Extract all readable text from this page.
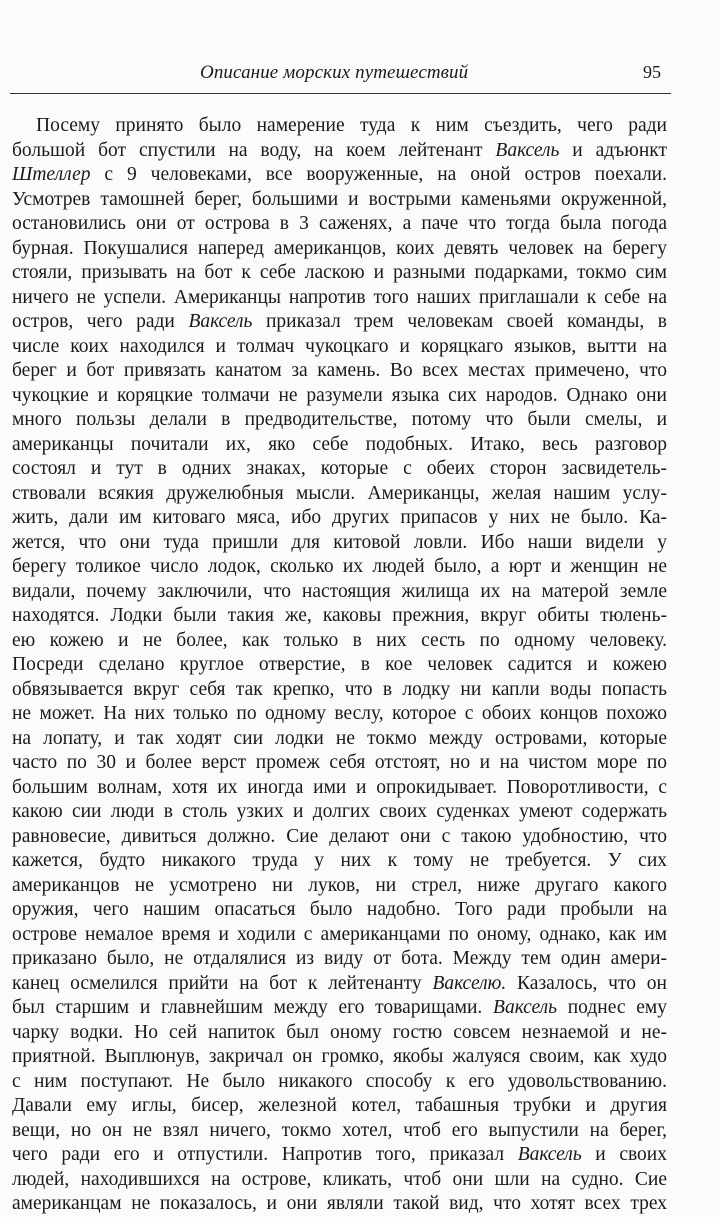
Описание морских путешествий	95
Посему принято было намерение туда к ним съездить, чего ради
большой бот спустили на воду, на коем лейтенант Ваксель и адъюнкт
Штеллер с 9 человеками, все вооруженные, на оной остров поехали.
Усмотрев тамошней берег, большими и вострыми каменьями окруженной,
остановились они от острова в 3 саженях, а паче что тогда была погода
бурная. Покушалися наперед американцов, коих девять человек на берегу
стояли, призывать на бот к себе ласкою и разными подарками, токмо сим
ничего не успели. Американцы напротив того наших приглашали к себе на
остров, чего ради Ваксель приказал трем человекам своей команды, в
числе коих находился и толмач чукоцкаго и коряцкаго языков, вытти на
берег и бот привязать канатом за камень. Во всех местах примечено, что
чукоцкие и коряцкие толмачи не разумели языка сих народов. Однако они
много пользы делали в предводительстве, потому что были смелы, и
американцы почитали их, яко себе подобных. Итако, весь разговор
состоял и тут в одних знаках, которые с обеих сторон засвидетель-
ствовали всякия дружелюбныя мысли. Американцы, желая нашим услу-
жить, дали им китоваго мяса, ибо других припасов у них не было. Ка-
жется, что они туда пришли для китовой ловли. Ибо наши видели у
берегу толикое число лодок, сколько их людей было, а юрт и женщин не
видали, почему заключили, что настоящия жилища их на матерой земле
находятся. Лодки были такия же, каковы прежния, вкруг обиты тюлень-
ею кожею и не более, как только в них сесть по одному человеку.
Посреди сделано круглое отверстие, в кое человек садится и кожею
обвязывается вкруг себя так крепко, что в лодку ни капли воды попасть
не может. На них только по одному веслу, которое с обоих концов похожо
на лопату, и так ходят сии лодки не токмо между островами, которые
часто по 30 и более верст промеж себя отстоят, но и на чистом море по
большим волнам, хотя их иногда ими и опрокидывает. Поворотливости, с
какою сии люди в столь узких и долгих своих суденках умеют содержать
равновесие, дивиться должно. Сие делают они с такою удобностию, что
кажется, будто никакого труда у них к тому не требуется. У сих
американцов не усмотрено ни луков, ни стрел, ниже другаго какого
оружия, чего нашим опасаться было надобно. Того ради пробыли на
острове немалое время и ходили с американцами по оному, однако, как им
приказано было, не отдалялися из виду от бота. Между тем один амери-
канец осмелился прийти на бот к лейтенанту Вакселю. Казалось, что он
был старшим и главнейшим между его товарищами. Ваксель поднес ему
чарку водки. Но сей напиток был оному гостю совсем незнаемой и не-
приятной. Выплюнув, закричал он громко, якобы жалуяся своим, как худо
с ним поступают. Не было никакого способу к его удовольствованию.
Давали ему иглы, бисер, железной котел, табашныя трубки и другия
вещи, но он не взял ничего, токмо хотел, чтоб его выпустили на берег,
чего ради его и отпустили. Напротив того, приказал Ваксель и своих
людей, находившихся на острове, кликать, чтоб они шли на судно. Сие
американцам не показалось, и они являли такой вид, что хотят всех трех
